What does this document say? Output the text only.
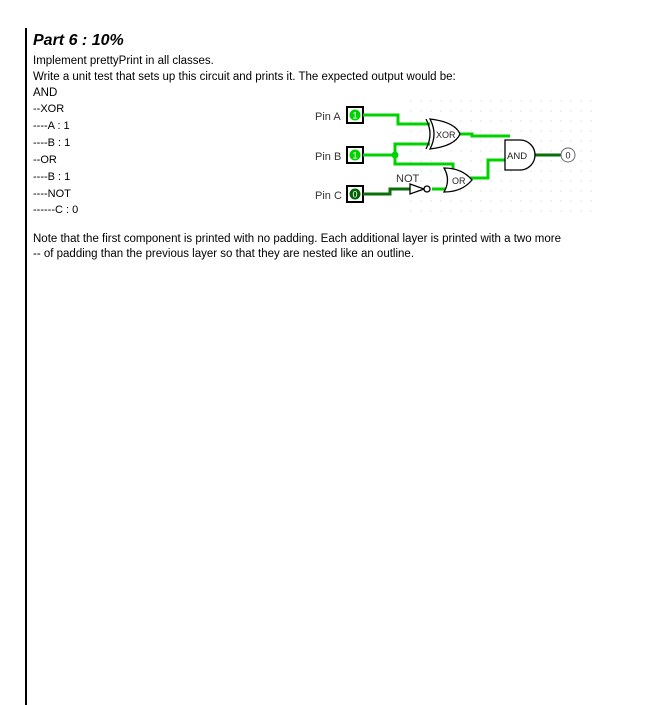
Part 6 : 10%
Implement prettyPrint in all classes.
Write a unit test that sets up this circuit and prints it. The expected output would be:
AND
--XOR
----A : 1
----B : 1
--OR
----B : 1
----NOT
------C : 0
Pin A 1
Pin B 1
Pin C 0
XOR
NOT	OR
AND	0
Note that the first component is printed with no padding. Each additional layer is printed with a two more
-- of padding than the previous layer so that they are nested like an outline.
